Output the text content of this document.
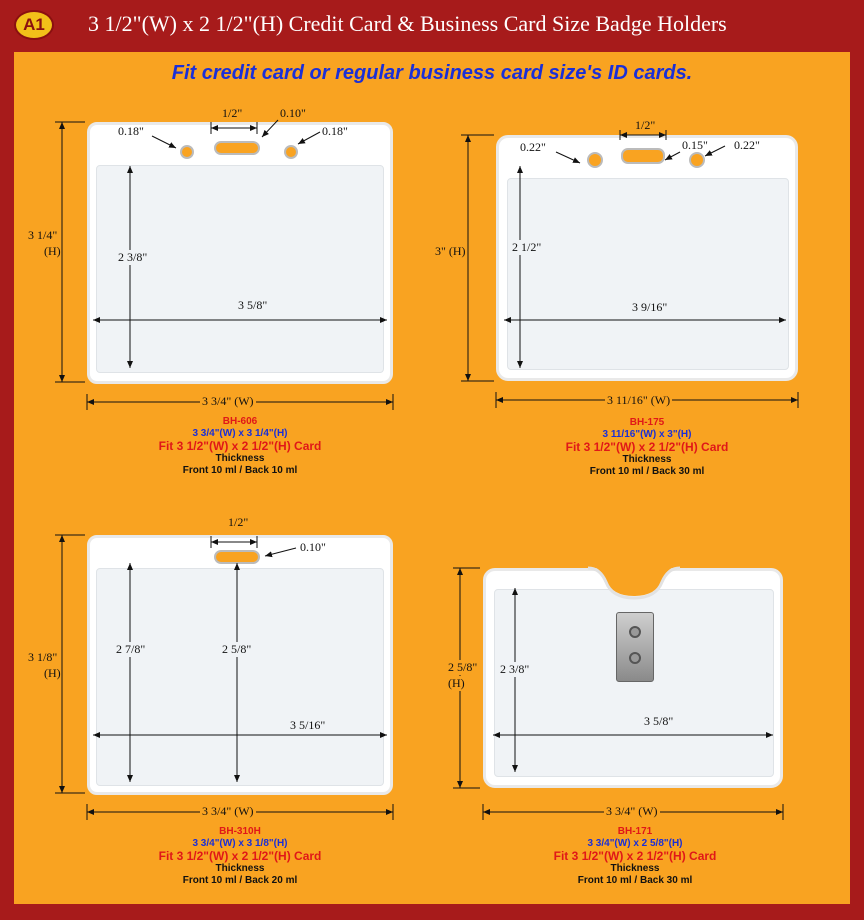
A1	3 1/2"(W) x 2 1/2"(H) Credit Card & Business Card Size Badge Holders
Fit credit card or regular business card size's ID cards.
0.18"
1/2"	0.10"
0.18"
3 1/4"
(H)	2 3/8"
3 5/8"
3 3/4" (W)
BH-606
3 3/4"(W) x 3 1/4"(H)
Fit 3 1/2"(W) x 2 1/2"(H) Card
Thickness
Front 10 ml / Back 10 ml
0.22"
1/2"
0.15" 0.22"
3" (H)	2 1/2"
3 9/16"
3 11/16" (W)
BH-175
3 11/16"(W) x 3"(H)
Fit 3 1/2"(W) x 2 1/2"(H) Card
Thickness
Front 10 ml / Back 30 ml
1/2"
0.10"
3 1/8"
(H)
2 7/8"	2 5/8"
3 5/16"
3 3/4" (W)
BH-310H
3 3/4"(W) x 3 1/8"(H)
Fit 3 1/2"(W) x 2 1/2"(H) Card
Thickness
Front 10 ml / Back 20 ml
2 5/8"
(H)
2 3/8"
3 5/8"
3 3/4" (W)
BH-171
3 3/4"(W) x 2 5/8"(H)
Fit 3 1/2"(W) x 2 1/2"(H) Card
Thickness
Front 10 ml / Back 30 ml
